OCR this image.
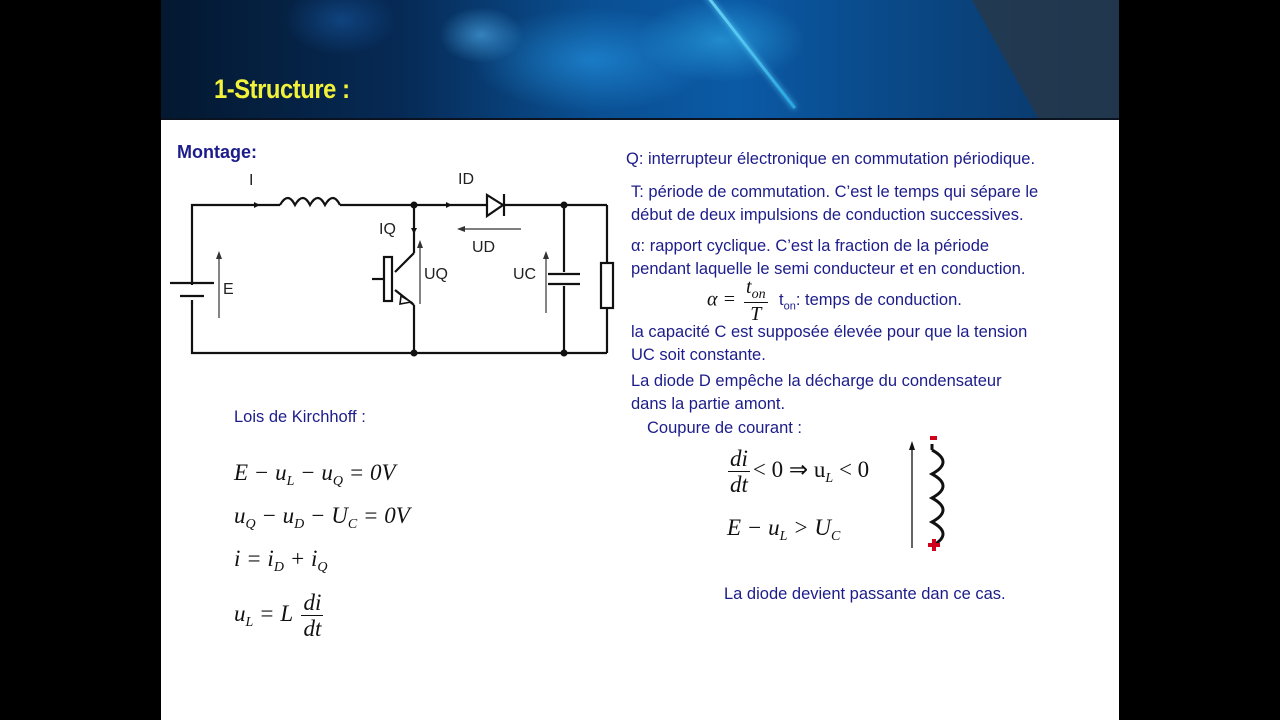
1-Structure :
Montage:
I	ID
IQ
UD
UQ	UC
E
Q: interrupteur électronique en commutation périodique.
T: période de commutation. C’est le temps qui sépare le
début de deux impulsions de conduction successives.
α: rapport cyclique. C’est la fraction de la période
pendant laquelle le semi conducteur et en conduction.
$\alpha = \frac{t_{on}}{T} t_{on}$: temps de conduction.
la capacité C est supposée élevée pour que la tension
UC soit constante.
La diode D empêche la décharge du condensateur
dans la partie amont.
Coupure de courant :
$\frac{di}{dt} < 0$ ⇒ $u_L < 0$
$E - u_L > U_C$
La diode devient passante dan ce cas.
Lois de Kirchhoff :
$E - u_L - u_Q = 0V$
$u_Q - u_D - U_C = 0V$
$i = i_D + i_Q$
$u_L = L \frac{di}{dt}$
